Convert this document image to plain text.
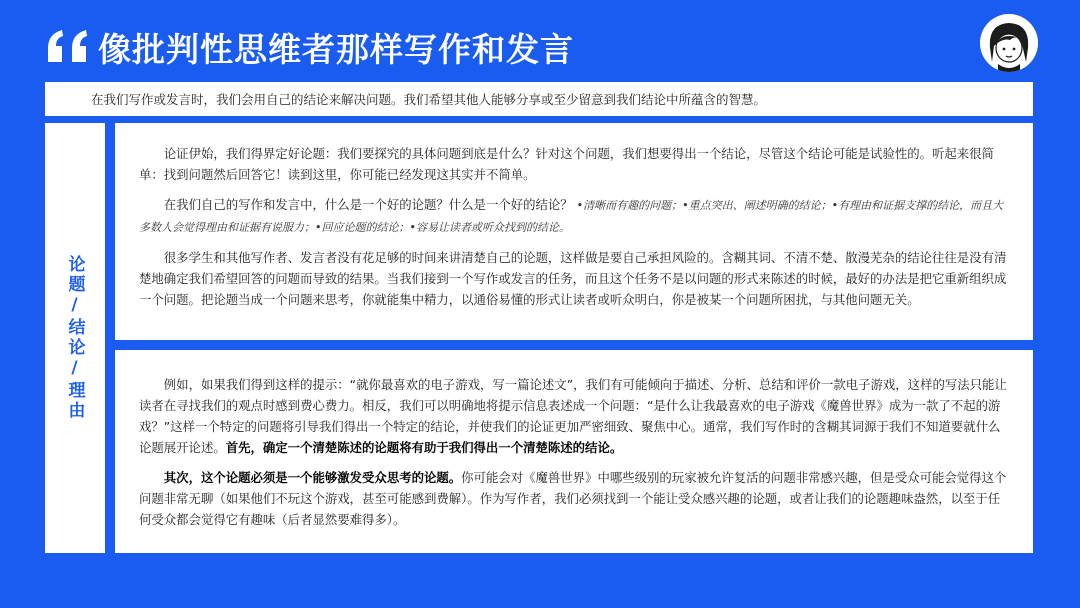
像批判性思维者那样写作和发言
在我们写作或发言时，我们会用自己的结论来解决问题。我们希望其他人能够分享或至少留意到我们结论中所蕴含的智慧。
论题/结论/理由

论证伊始，我们得界定好论题：我们要探究的具体问题到底是什么？针对这个问题，我们想要得出一个结论，尽管这个结论可能是试验性的。听起来很简单：找到问题然后回答它！读到这里，你可能已经发现这其实并不简单。

在我们自己的写作和发言中，什么是一个好的论题？什么是一个好的结论？ •清晰而有趣的问题；•重点突出、阐述明确的结论；•有理由和证据支撑的结论，而且大多数人会觉得理由和证据有说服力；•回应论题的结论；•容易让读者或听众找到的结论。

很多学生和其他写作者、发言者没有花足够的时间来讲清楚自己的论题，这样做是要自己承担风险的。含糊其词、不清不楚、散漫芜杂的结论往往是没有清楚地确定我们希望回答的问题而导致的结果。当我们接到一个写作或发言的任务，而且这个任务不是以问题的形式来陈述的时候，最好的办法是把它重新组织成一个问题。把论题当成一个问题来思考，你就能集中精力，以通俗易懂的形式让读者或听众明白，你是被某一个问题所困扰，与其他问题无关。

例如，如果我们得到这样的提示：“就你最喜欢的电子游戏，写一篇论述文”，我们有可能倾向于描述、分析、总结和评价一款电子游戏，这样的写法只能让读者在寻找我们的观点时感到费心费力。相反，我们可以明确地将提示信息表述成一个问题：“是什么让我最喜欢的电子游戏《魔兽世界》成为一款了不起的游戏？”这样一个特定的问题将引导我们得出一个特定的结论，并使我们的论证更加严密细致、聚焦中心。通常，我们写作时的含糊其词源于我们不知道要就什么论题展开论述。首先，确定一个清楚陈述的论题将有助于我们得出一个清楚陈述的结论。

其次，这个论题必须是一个能够激发受众思考的论题。你可能会对《魔兽世界》中哪些级别的玩家被允许复活的问题非常感兴趣，但是受众可能会觉得这个问题非常无聊（如果他们不玩这个游戏，甚至可能感到费解）。作为写作者，我们必须找到一个能让受众感兴趣的论题，或者让我们的论题趣味盎然，以至于任何受众都会觉得它有趣味（后者显然要难得多）。
